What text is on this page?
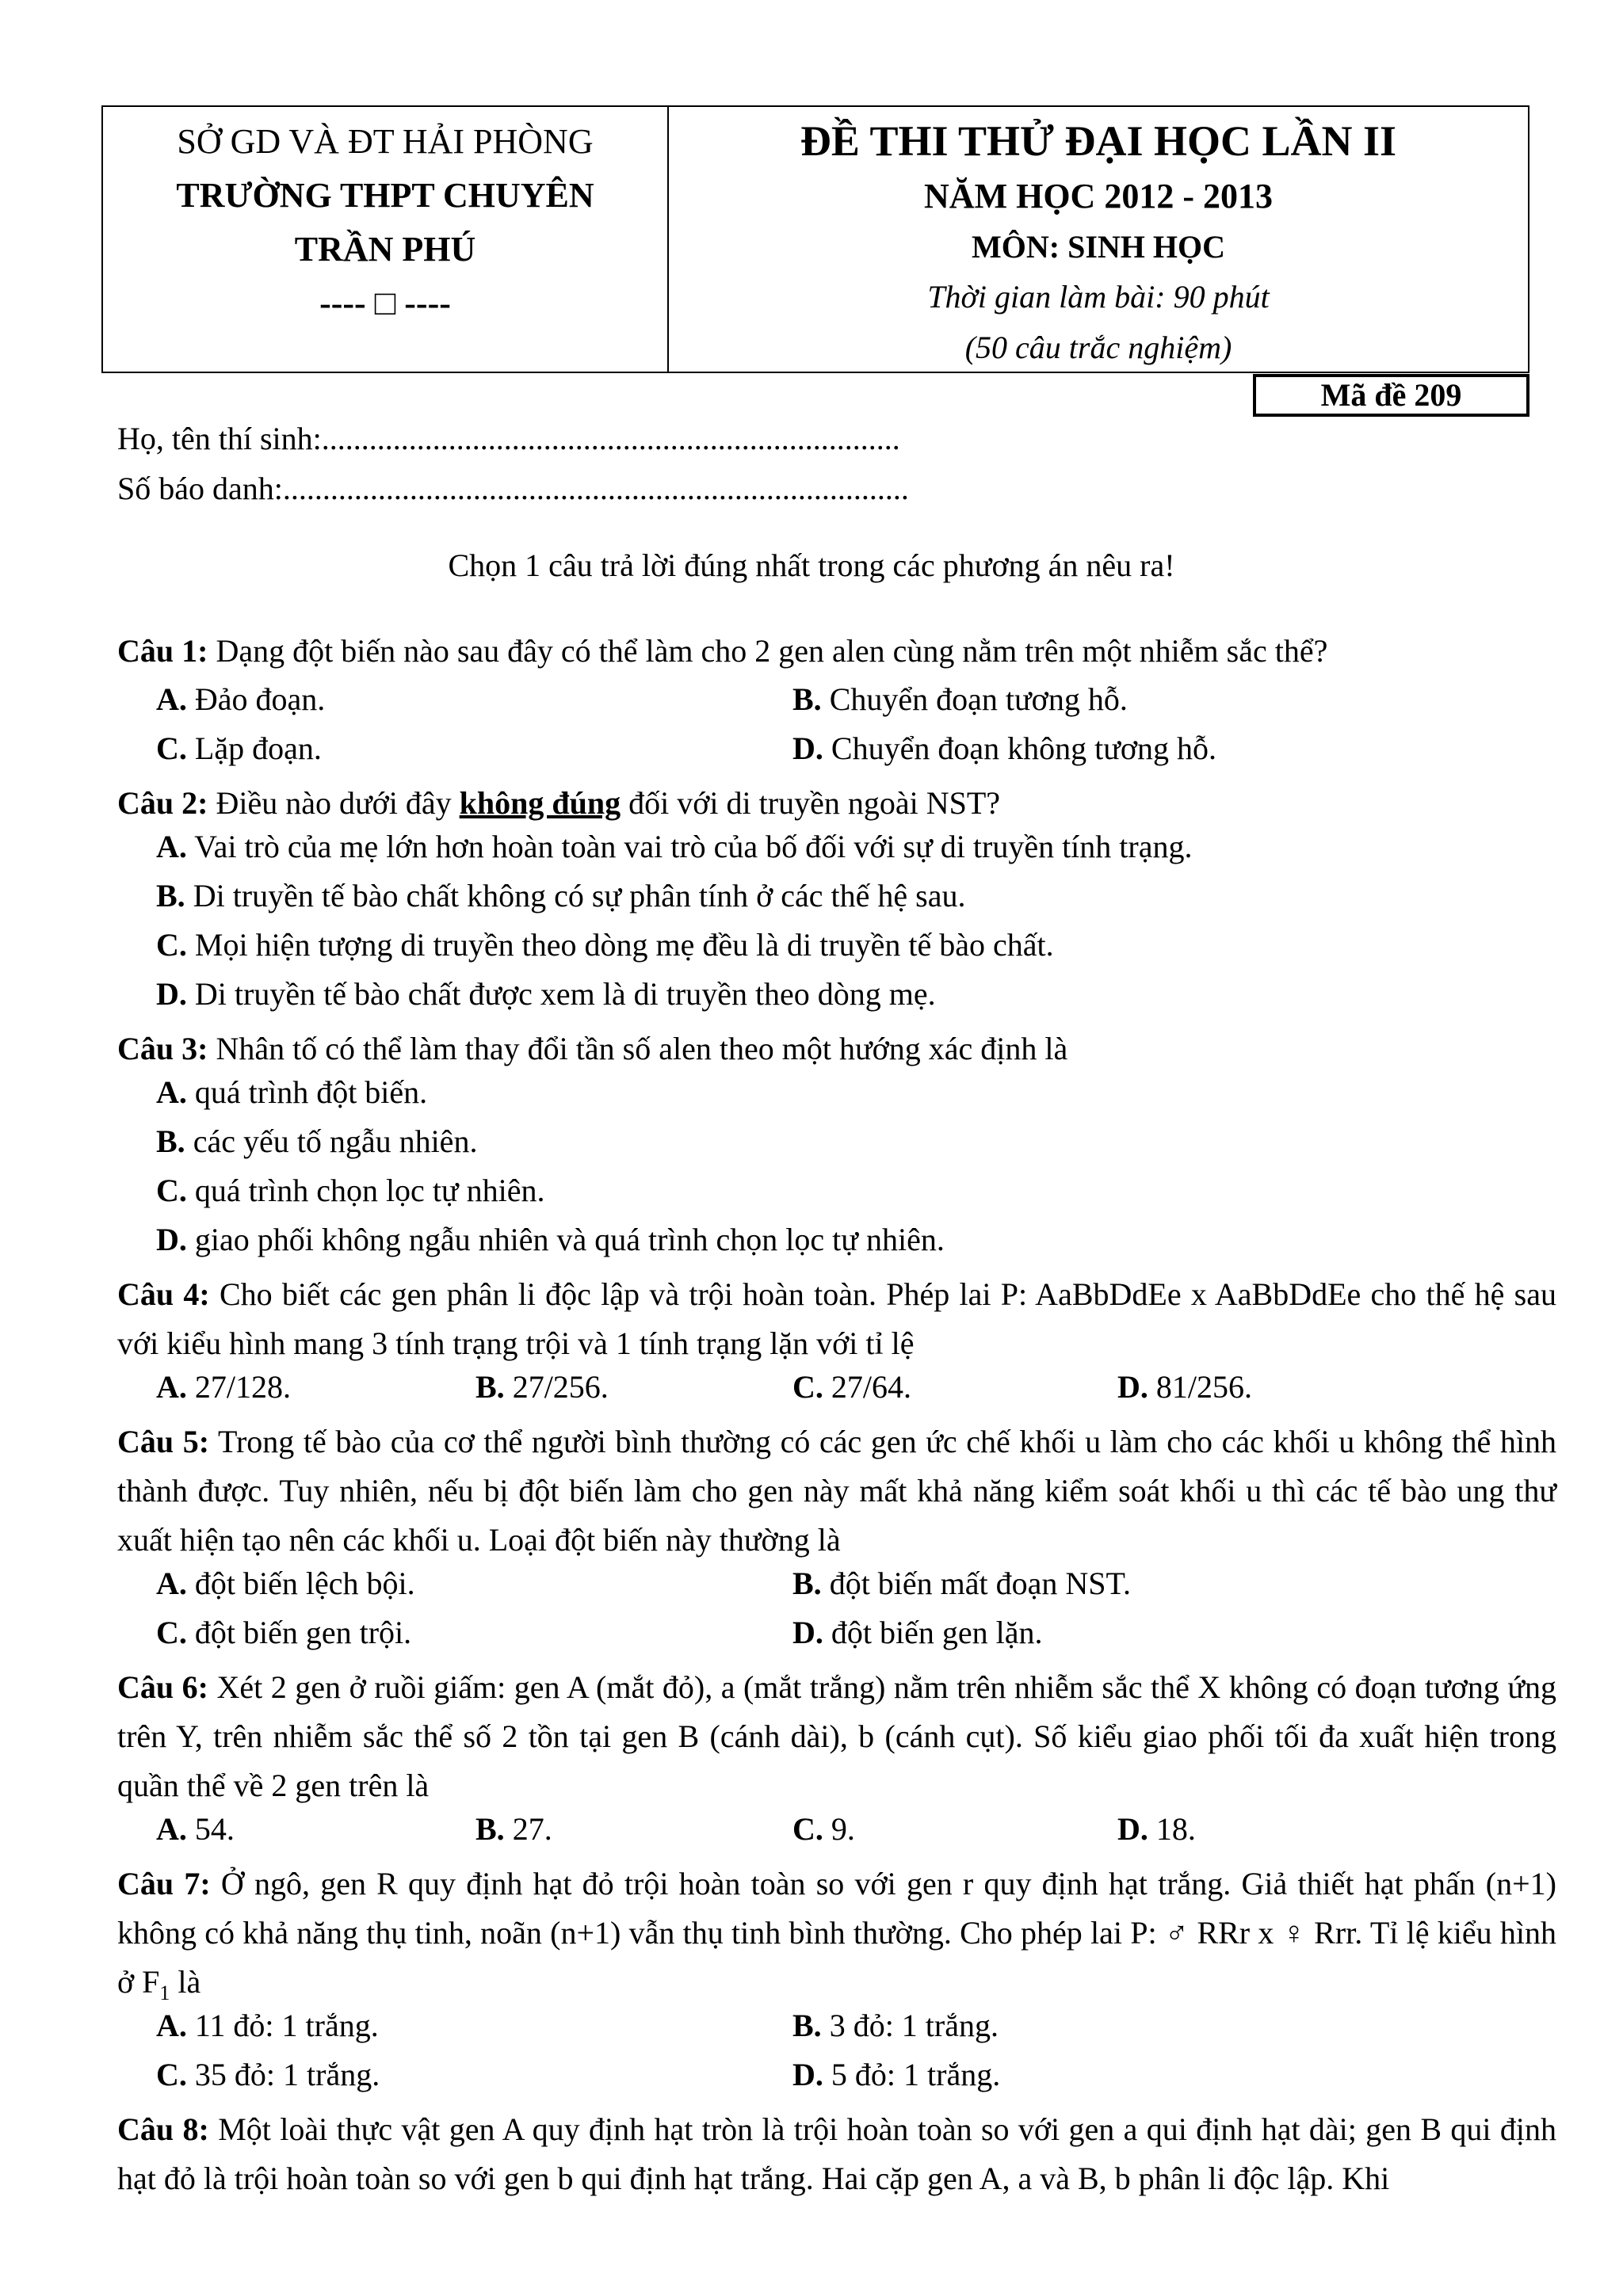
SỞ GD VÀ ĐT HẢI PHÒNG
TRƯỜNG THPT CHUYÊN
TRẦN PHÚ
---- □ ----
ĐỀ THI THỬ ĐẠI HỌC LẦN II
NĂM HỌC 2012 - 2013
MÔN: SINH HỌC
Thời gian làm bài: 90 phút
(50 câu trắc nghiệm)
Mã đề 209
Họ, tên thí sinh:.........................................................................
Số báo danh:...............................................................................
Chọn 1 câu trả lời đúng nhất trong các phương án nêu ra!
Câu 1: Dạng đột biến nào sau đây có thể làm cho 2 gen alen cùng nằm trên một nhiễm sắc thể?
A. Đảo đoạn.	B. Chuyển đoạn tương hỗ.
C. Lặp đoạn.	D. Chuyển đoạn không tương hỗ.
Câu 2: Điều nào dưới đây không đúng đối với di truyền ngoài NST?
A. Vai trò của mẹ lớn hơn hoàn toàn vai trò của bố đối với sự di truyền tính trạng.
B. Di truyền tế bào chất không có sự phân tính ở các thế hệ sau.
C. Mọi hiện tượng di truyền theo dòng mẹ đều là di truyền tế bào chất.
D. Di truyền tế bào chất được xem là di truyền theo dòng mẹ.
Câu 3: Nhân tố có thể làm thay đổi tần số alen theo một hướng xác định là
A. quá trình đột biến.
B. các yếu tố ngẫu nhiên.
C. quá trình chọn lọc tự nhiên.
D. giao phối không ngẫu nhiên và quá trình chọn lọc tự nhiên.
Câu 4: Cho biết các gen phân li độc lập và trội hoàn toàn. Phép lai P: AaBbDdEe x AaBbDdEe cho thế hệ sau với kiểu hình mang 3 tính trạng trội và 1 tính trạng lặn với tỉ lệ
A. 27/128.	B. 27/256.	C. 27/64.	D. 81/256.
Câu 5: Trong tế bào của cơ thể người bình thường có các gen ức chế khối u làm cho các khối u không thể hình thành được. Tuy nhiên, nếu bị đột biến làm cho gen này mất khả năng kiểm soát khối u thì các tế bào ung thư xuất hiện tạo nên các khối u. Loại đột biến này thường là
A. đột biến lệch bội.	B. đột biến mất đoạn NST.
C. đột biến gen trội.	D. đột biến gen lặn.
Câu 6: Xét 2 gen ở ruồi giấm: gen A (mắt đỏ), a (mắt trắng) nằm trên nhiễm sắc thể X không có đoạn tương ứng trên Y, trên nhiễm sắc thể số 2 tồn tại gen B (cánh dài), b (cánh cụt). Số kiểu giao phối tối đa xuất hiện trong quần thể về 2 gen trên là
A. 54.	B. 27.	C. 9.	D. 18.
Câu 7: Ở ngô, gen R quy định hạt đỏ trội hoàn toàn so với gen r quy định hạt trắng. Giả thiết hạt phấn (n+1) không có khả năng thụ tinh, noãn (n+1) vẫn thụ tinh bình thường. Cho phép lai P: ♂ RRr x ♀ Rrr. Tỉ lệ kiểu hình ở $F_1$ là
A. 11 đỏ: 1 trắng.	B. 3 đỏ: 1 trắng.
C. 35 đỏ: 1 trắng.	D. 5 đỏ: 1 trắng.
Câu 8: Một loài thực vật gen A quy định hạt tròn là trội hoàn toàn so với gen a qui định hạt dài; gen B qui định hạt đỏ là trội hoàn toàn so với gen b qui định hạt trắng. Hai cặp gen A, a và B, b phân li độc lập. Khi
